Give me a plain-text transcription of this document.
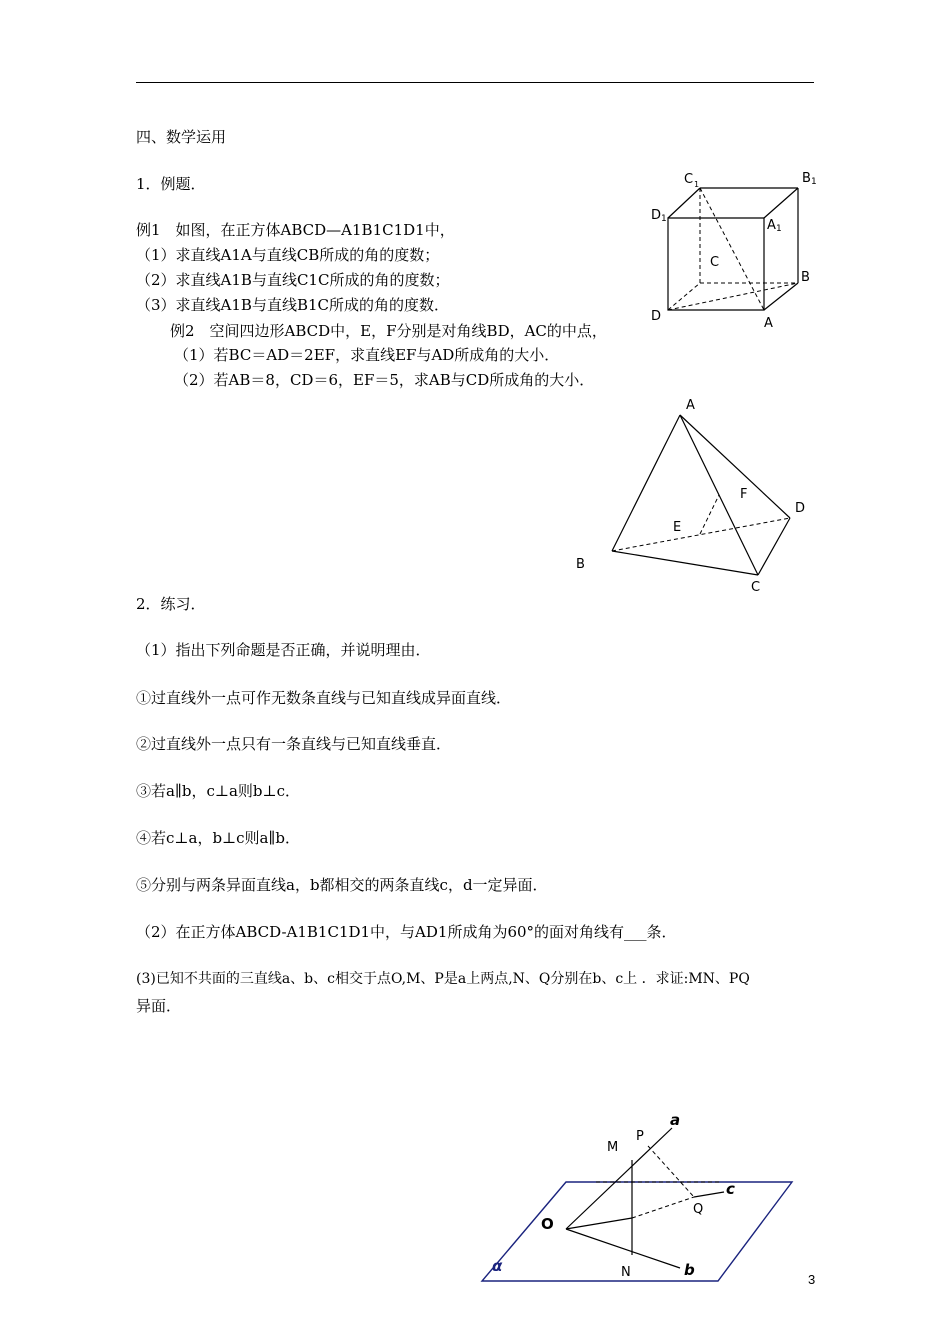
四、数学运用
1．例题．
例1　如图，在正方体ABCD—A1B1C1D1中，
（1）求直线A1A与直线CB所成的角的度数；
（2）求直线A1B与直线C1C所成的角的度数；
（3）求直线A1B与直线B1C所成的角的度数．
例2　空间四边形ABCD中，E，F分别是对角线BD，AC的中点，
（1）若BC＝AD＝2EF，求直线EF与AD所成角的大小．
（2）若AB＝8，CD＝6，EF＝5，求AB与CD所成角的大小．
C 1	B 1
D 1	A 1
C
B
D	A
A
B
C
D
E
F
2．练习．
（1）指出下列命题是否正确，并说明理由．
①过直线外一点可作无数条直线与已知直线成异面直线．
②过直线外一点只有一条直线与已知直线垂直．
③若a∥b，c⊥a则b⊥c．
④若c⊥a，b⊥c则a∥b．
⑤分别与两条异面直线a，b都相交的两条直线c，d一定异面．
（2）在正方体ABCD-A1B1C1D1中，与AD1所成角为60°的面对角线有___条．
(3)已知不共面的三直线a、b、c相交于点O,M、P是a上两点,N、Q分别在b、c上 ．求证:MN、PQ
异面．
a
b
c
O
M
P
N
Q
α
3
